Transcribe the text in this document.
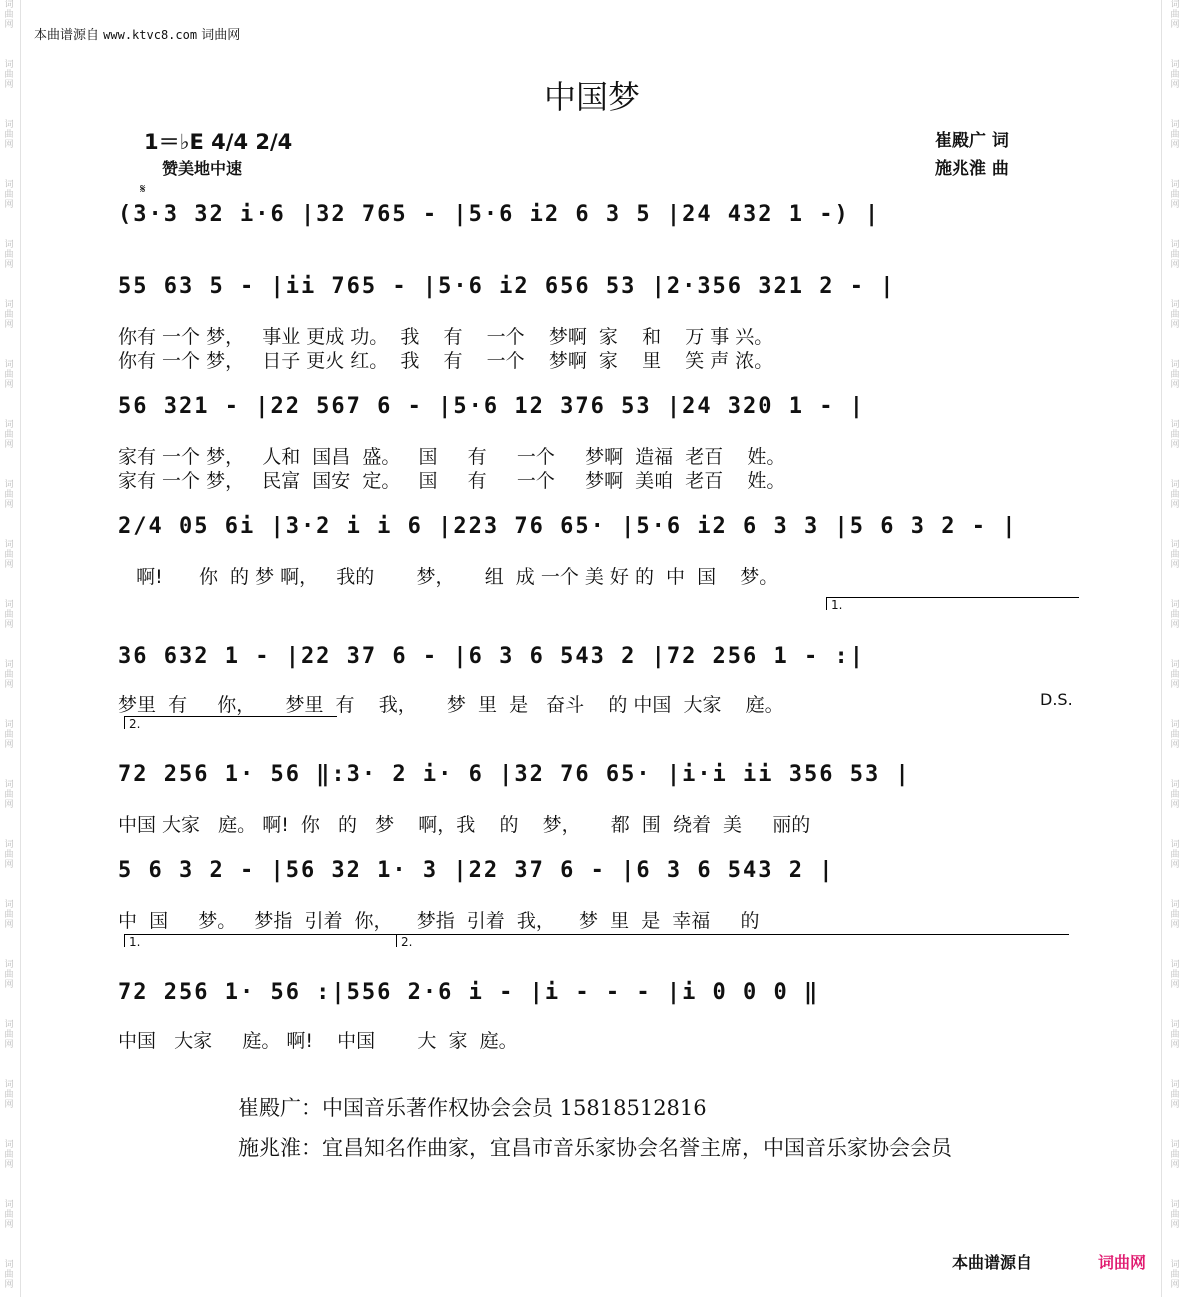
词曲网
词曲网
词曲网
词曲网
词曲网
词曲网
词曲网
词曲网
词曲网
词曲网
词曲网
词曲网
词曲网
词曲网
词曲网
词曲网
词曲网
词曲网
词曲网
词曲网
词曲网
词曲网
词曲网
词曲网
词曲网
词曲网
词曲网
词曲网
词曲网
词曲网
词曲网
词曲网
词曲网
词曲网
词曲网
词曲网
词曲网
词曲网
词曲网
词曲网
词曲网
词曲网
词曲网
词曲网
本曲谱源自 www.ktvc8.com 词曲网
中国梦
1＝♭E 4/4 2/4
赞美地中速
崔殿广 词
施兆淮 曲
𝄋
(3·3 32 i·6 |32 765 - |5·6 i2 6 3 5 |24 432 1 -) |
55 63 5 - |ii 765 - |5·6 i2 656 53 |2·356 321 2 - |
你有 一个 梦，   事业 更成 功。  我    有    一个    梦啊  家    和    万 事 兴。
你有 一个 梦，   日子 更火 红。  我    有    一个    梦啊  家    里    笑 声 浓。
56 321 - |22 567 6 - |5·6 12 376 53 |24 320 1 - |
家有 一个 梦，   人和  国昌  盛。   国     有     一个     梦啊  造福  老百    姓。
家有 一个 梦，   民富  国安  定。   国     有     一个     梦啊  美咱  老百    姓。
2/4 05 6i |3·2 i i 6 |223 76 65· |5·6 i2 6 3 3 |5 6 3 2 - |
啊!      你  的 梦 啊，   我的       梦，     组  成 一个 美 好 的  中  国    梦。
1.
36 632 1 - |22 37 6 - |6 3 6 543 2 |72 256 1 - :|
梦里  有     你，     梦里  有    我，     梦  里  是   奋斗    的 中国  大家    庭。	D.S.
2.
72 256 1· 56 ‖:3· 2 i· 6 |32 76 65· |i·i ii 356 53 |
中国 大家   庭。 啊!  你   的   梦    啊，我    的    梦，     都  围  绕着  美     丽的
5 6 3 2 - |56 32 1· 3 |22 37 6 - |6 3 6 543 2 |
中  国     梦。   梦指  引着  你，    梦指  引着  我，    梦  里  是  幸福     的
1.	2.
72 256 1· 56 :|556 2·6 i - |i - - - |i 0 0 0 ‖
中国   大家     庭。 啊!    中国       大  家  庭。
崔殿广：中国音乐著作权协会会员 15818512816
施兆淮：宜昌知名作曲家，宜昌市音乐家协会名誉主席，中国音乐家协会会员
本曲谱源自	词曲网
